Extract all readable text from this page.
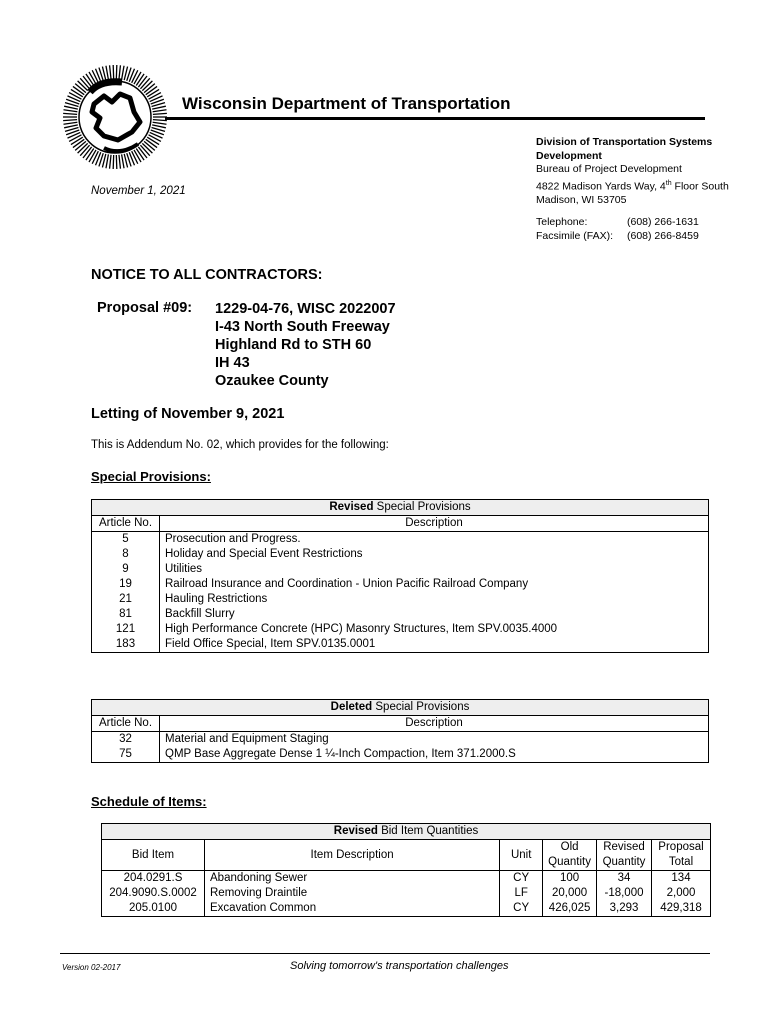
Wisconsin Department of Transportation
Division of Transportation Systems
Development
Bureau of Project Development
4822 Madison Yards Way, 4th Floor South
Madison, WI 53705
Telephone:	(608) 266-1631
Facsimile (FAX): (608) 266-8459
November 1, 2021
NOTICE TO ALL CONTRACTORS:
Proposal #09: 1229-04-76, WISC 2022007
I-43 North South Freeway
Highland Rd to STH 60
IH 43
Ozaukee County
Letting of November 9, 2021
This is Addendum No. 02, which provides for the following:
Special Provisions:
Revised Special Provisions	
Article No.	Description
5	Prosecution and Progress.
8	Holiday and Special Event Restrictions
9	Utilities
19	Railroad Insurance and Coordination - Union Pacific Railroad Company
21	Hauling Restrictions
81	Backfill Slurry
121	High Performance Concrete (HPC) Masonry Structures, Item SPV.0035.4000
183	Field Office Special, Item SPV.0135.0001
Deleted Special Provisions	
Article No.	Description
32	Material and Equipment Staging
75	QMP Base Aggregate Dense 1 ¼-Inch Compaction, Item 371.2000.S
Schedule of Items:
Revised Bid Item Quantities					
Bid Item	Item Description	Unit	Old Quantity	Revised Quantity	Proposal Total
204.0291.S	Abandoning Sewer	CY	100	34	134
204.9090.S.0002	Removing Draintile	LF	20,000	-18,000	2,000
205.0100	Excavation Common	CY	426,025	3,293	429,318
Version 02-2017	Solving tomorrow's transportation challenges
